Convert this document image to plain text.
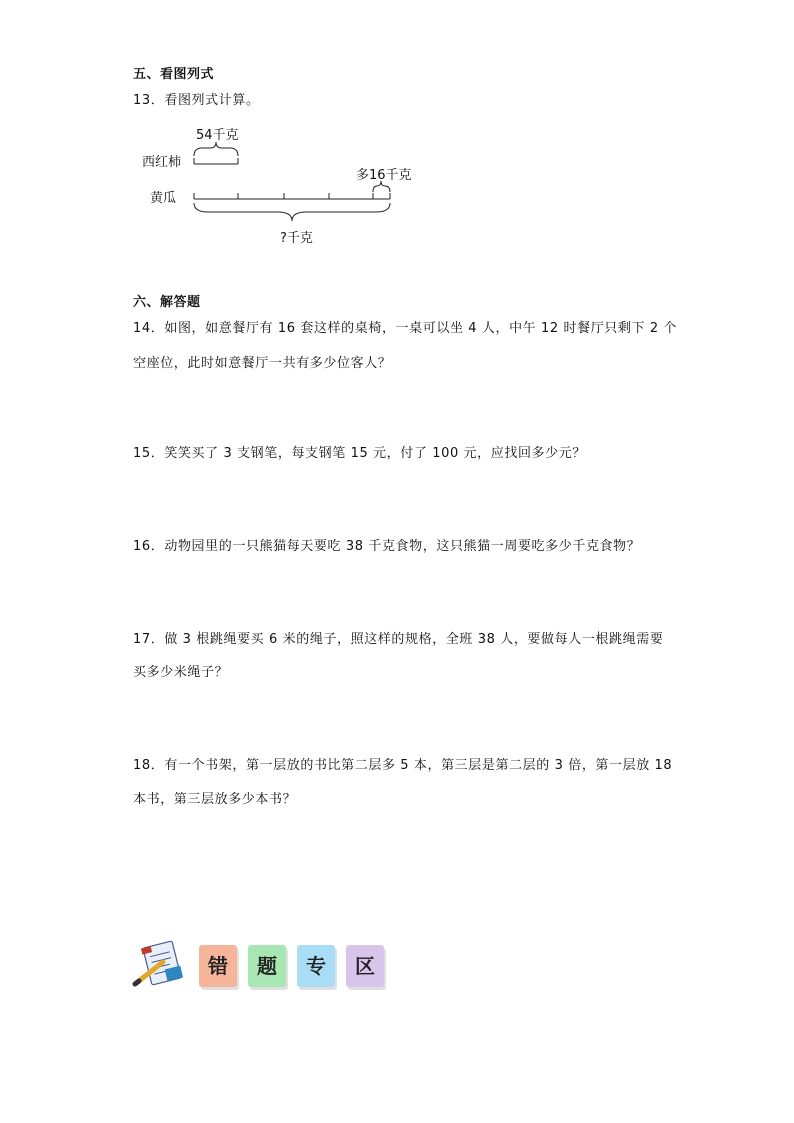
五、看图列式
13．看图列式计算。
54千克
西红柿
多16千克
黄瓜
?千克
六、解答题
14．如图，如意餐厅有 16 套这样的桌椅，一桌可以坐 4 人，中午 12 时餐厅只剩下 2 个
空座位，此时如意餐厅一共有多少位客人？
15．笑笑买了 3 支钢笔，每支钢笔 15 元，付了 100 元，应找回多少元？
16．动物园里的一只熊猫每天要吃 38 千克食物，这只熊猫一周要吃多少千克食物？
17．做 3 根跳绳要买 6 米的绳子，照这样的规格，全班 38 人，要做每人一根跳绳需要
买多少米绳子？
18．有一个书架，第一层放的书比第二层多 5 本，第三层是第二层的 3 倍，第一层放 18
本书，第三层放多少本书？
错	题	专	区
